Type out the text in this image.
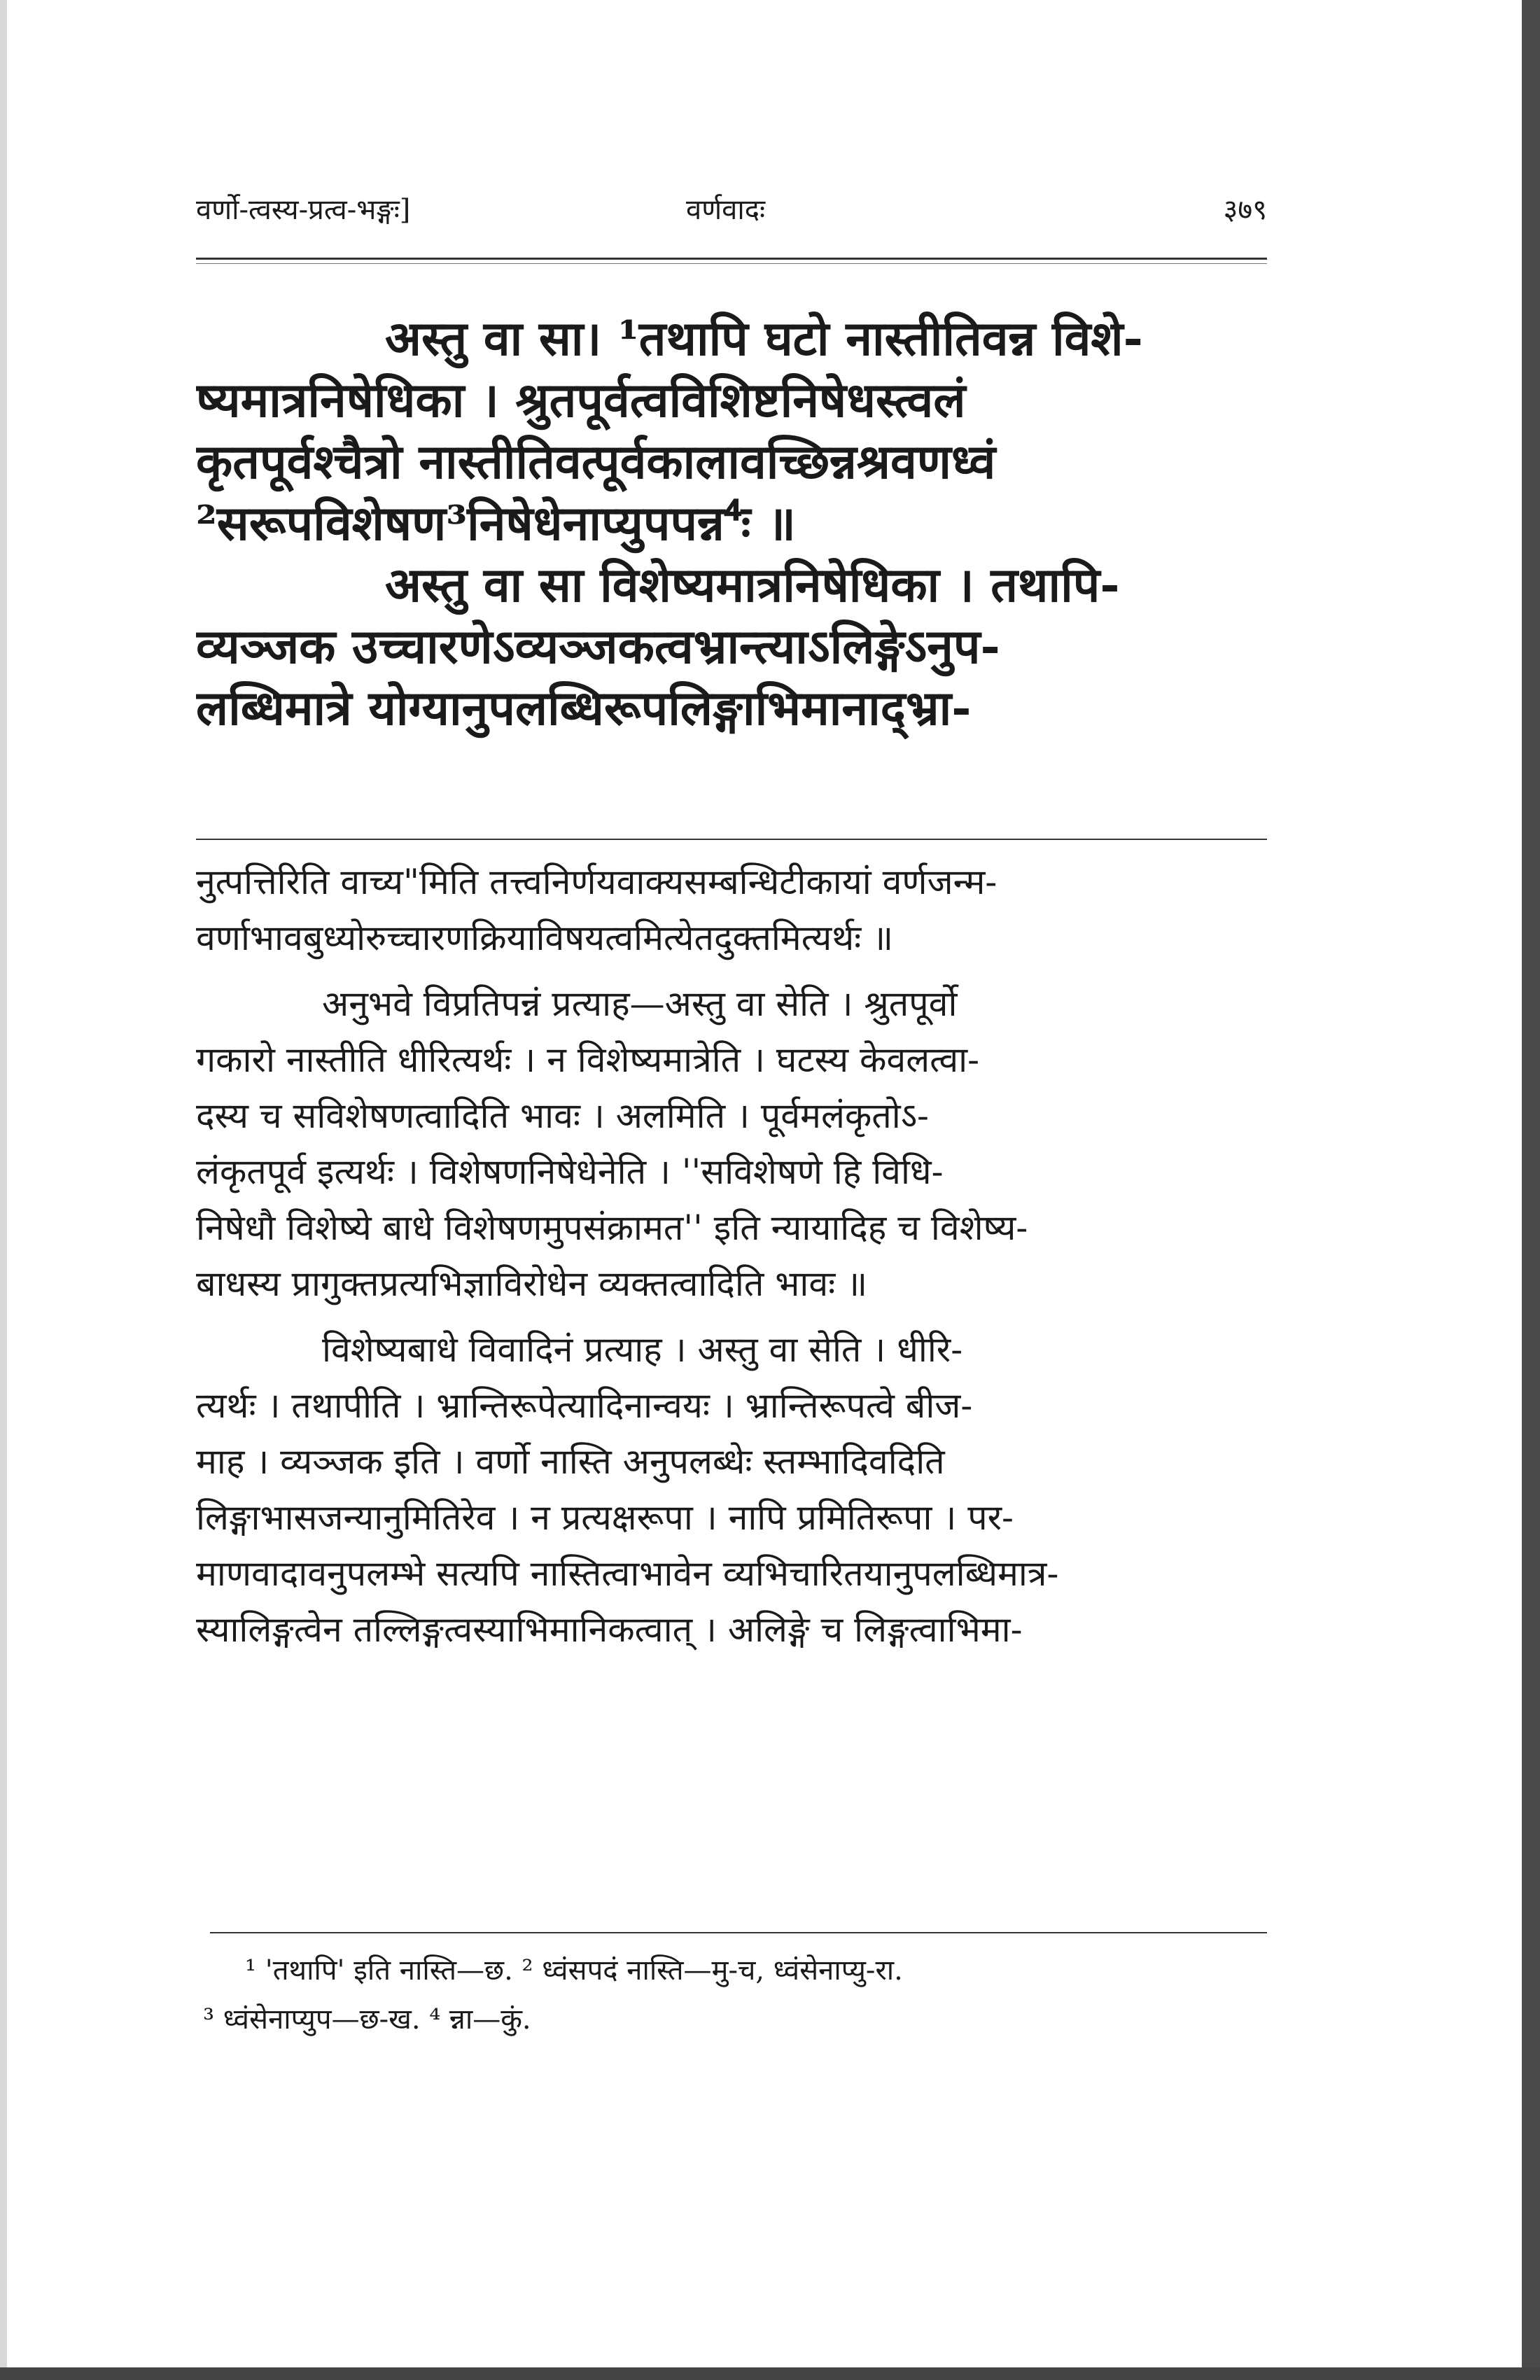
वर्णो-त्वस्य-प्रत्व-भङ्गः]	वर्णवादः	३७९
अस्तु वा सा। ¹तथापि घटो नास्तीतिवन्न विशे-
ष्यमात्रनिषेधिका । श्रुतपूर्वत्वविशिष्टनिषेधस्त्वलं
कृतपूर्वश्चैत्रो नास्तीतिवत्पूर्वकालावच्छिन्नश्रवणध्वं
²सरूपविशेषण³निषेधेनाप्युपपन्न⁴ः ॥
अस्तु वा सा विशेष्यमात्रनिषेधिका । तथापि-
व्यञ्जक उच्चारणेऽव्यञ्जकत्वभ्रान्त्याऽलिङ्गेऽनुप-
लब्धिमात्रे योग्यानुपलब्धिरूपलिङ्गाभिमानाद्भ्रा-
नुत्पत्तिरिति वाच्य"मिति तत्त्वनिर्णयवाक्यसम्बन्धिटीकायां वर्णजन्म-
वर्णाभावबुध्योरुच्चारणक्रियाविषयत्वमित्येतदुक्तमित्यर्थः ॥
अनुभवे विप्रतिपन्नं प्रत्याह—अस्तु वा सेति । श्रुतपूर्वो
गकारो नास्तीति धीरित्यर्थः । न विशेष्यमात्रेति । घटस्य केवलत्वा-
दस्य च सविशेषणत्वादिति भावः । अलमिति । पूर्वमलंकृतोऽ-
लंकृतपूर्व इत्यर्थः । विशेषणनिषेधेनेति । ''सविशेषणे हि विधि-
निषेधौ विशेष्ये बाधे विशेषणमुपसंक्रामत'' इति न्यायादिह च विशेष्य-
बाधस्य प्रागुक्तप्रत्यभिज्ञाविरोधेन व्यक्तत्वादिति भावः ॥
विशेष्यबाधे विवादिनं प्रत्याह । अस्तु वा सेति । धीरि-
त्यर्थः । तथापीति । भ्रान्तिरूपेत्यादिनान्वयः । भ्रान्तिरूपत्वे बीज-
माह । व्यञ्जक इति । वर्णो नास्ति अनुपलब्धेः स्तम्भादिवदिति
लिङ्गाभासजन्यानुमितिरेव । न प्रत्यक्षरूपा । नापि प्रमितिरूपा । पर-
माणवादावनुपलम्भे सत्यपि नास्तित्वाभावेन व्यभिचारितयानुपलब्धिमात्र-
स्यालिङ्गत्वेन तल्लिङ्गत्वस्याभिमानिकत्वात् । अलिङ्गे च लिङ्गत्वाभिमा-
¹ 'तथापि' इति नास्ति—छ. ² ध्वंसपदं नास्ति—मु-च, ध्वंसेनाप्यु-रा.
³ ध्वंसेनाप्युप—छ-ख. ⁴ न्ना—कुं.
